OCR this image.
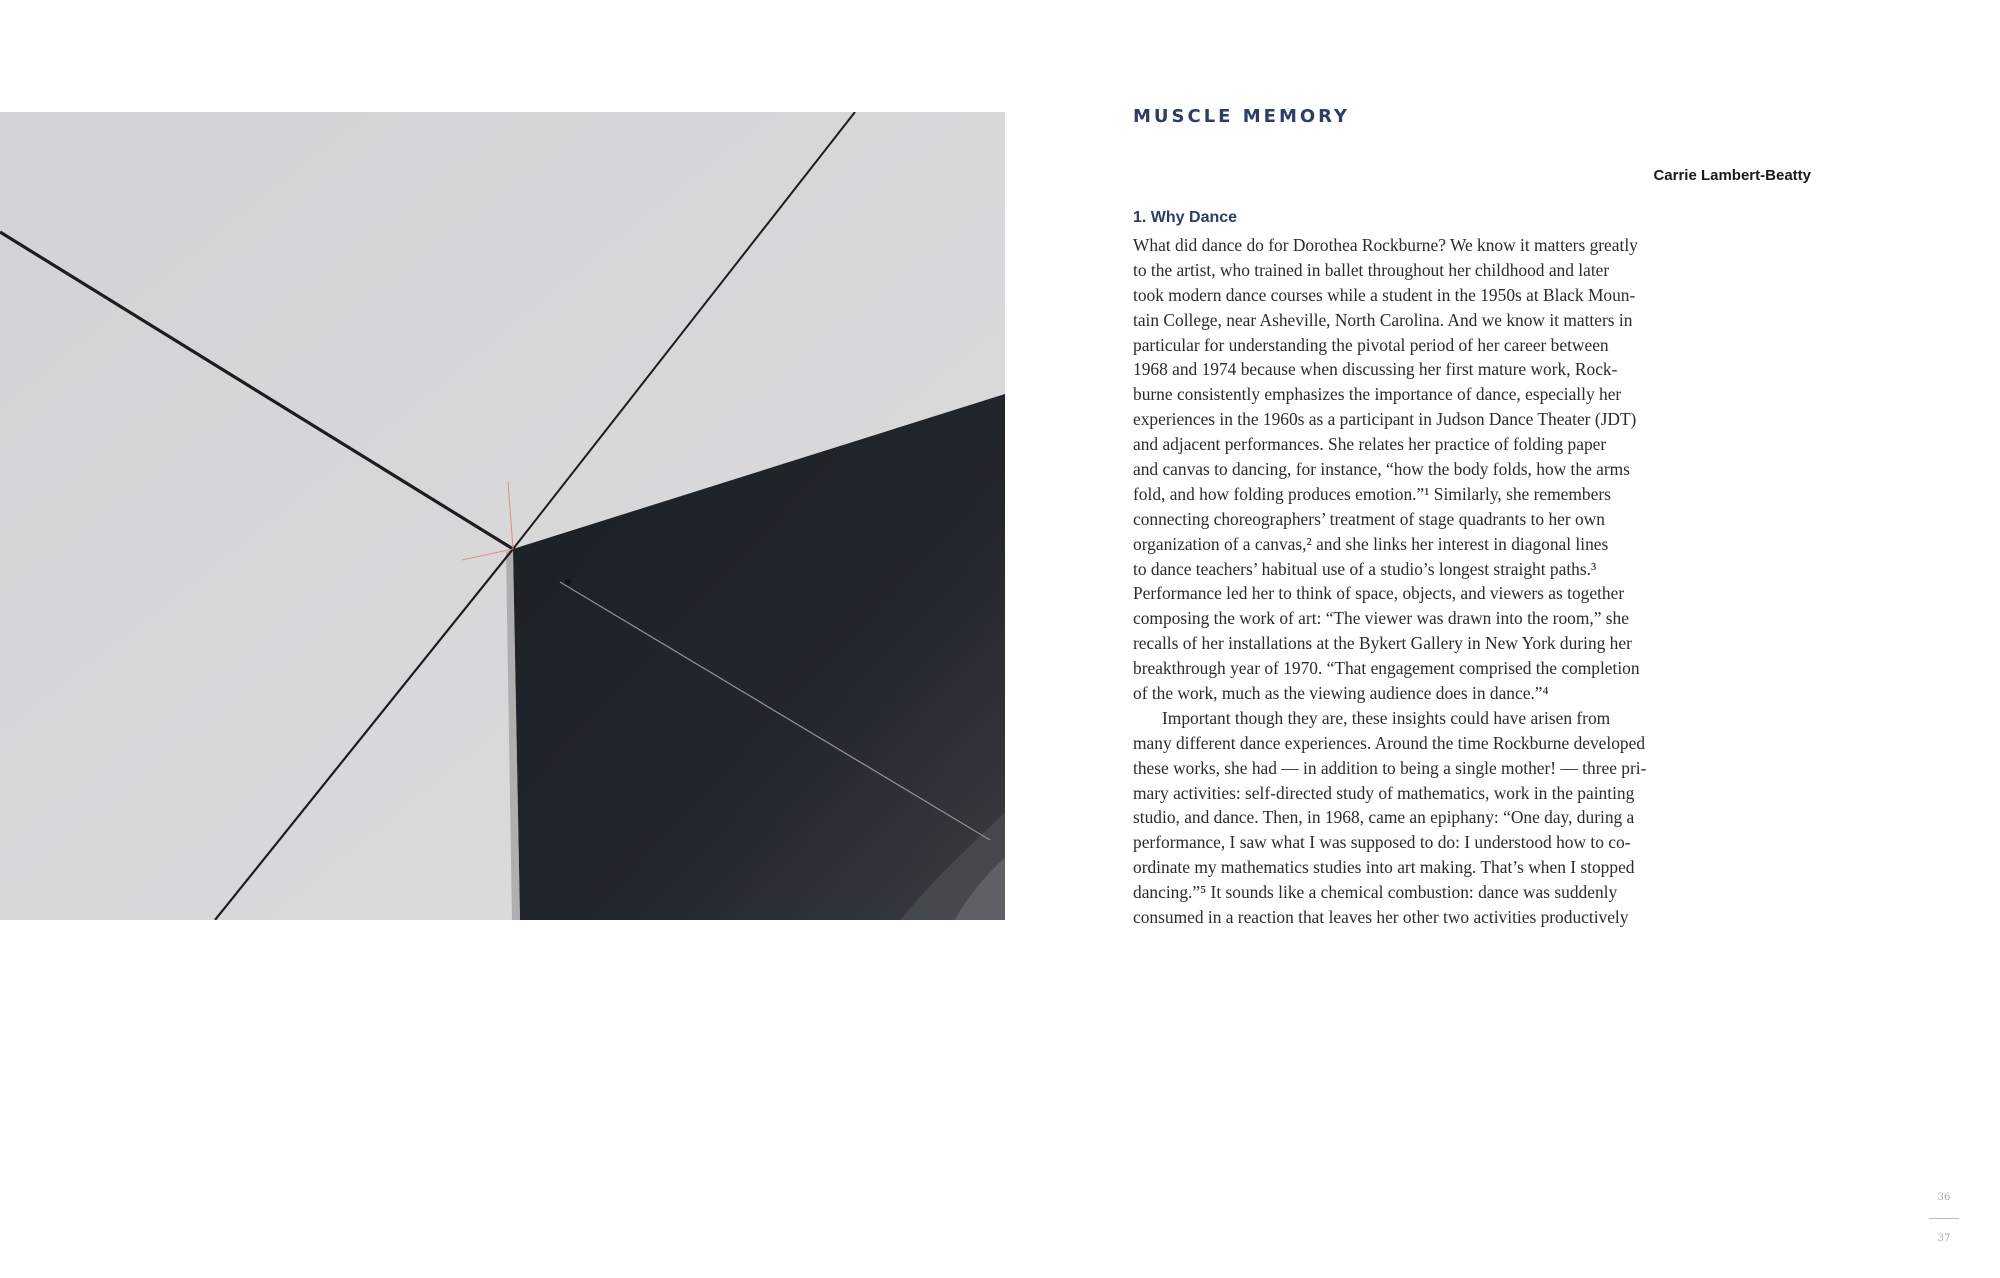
MUSCLE MEMORY
Carrie Lambert-Beatty
1. Why Dance
What did dance do for Dorothea Rockburne? We know it matters greatly
to the artist, who trained in ballet throughout her childhood and later
took modern dance courses while a student in the 1950s at Black Moun-
tain College, near Asheville, North Carolina. And we know it matters in
particular for understanding the pivotal period of her career between
1968 and 1974 because when discussing her first mature work, Rock-
burne consistently emphasizes the importance of dance, especially her
experiences in the 1960s as a participant in Judson Dance Theater (JDT)
and adjacent performances. She relates her practice of folding paper
and canvas to dancing, for instance, “how the body folds, how the arms
fold, and how folding produces emotion.”¹ Similarly, she remembers
connecting choreographers’ treatment of stage quadrants to her own
organization of a canvas,² and she links her interest in diagonal lines
to dance teachers’ habitual use of a studio’s longest straight paths.³
Performance led her to think of space, objects, and viewers as together
composing the work of art: “The viewer was drawn into the room,” she
recalls of her installations at the Bykert Gallery in New York during her
breakthrough year of 1970. “That engagement comprised the completion
of the work, much as the viewing audience does in dance.”⁴
Important though they are, these insights could have arisen from
many different dance experiences. Around the time Rockburne developed
these works, she had — in addition to being a single mother! — three pri-
mary activities: self-directed study of mathematics, work in the painting
studio, and dance. Then, in 1968, came an epiphany: “One day, during a
performance, I saw what I was supposed to do: I understood how to co-
ordinate my mathematics studies into art making. That’s when I stopped
dancing.”⁵ It sounds like a chemical combustion: dance was suddenly
consumed in a reaction that leaves her other two activities productively
36
37
